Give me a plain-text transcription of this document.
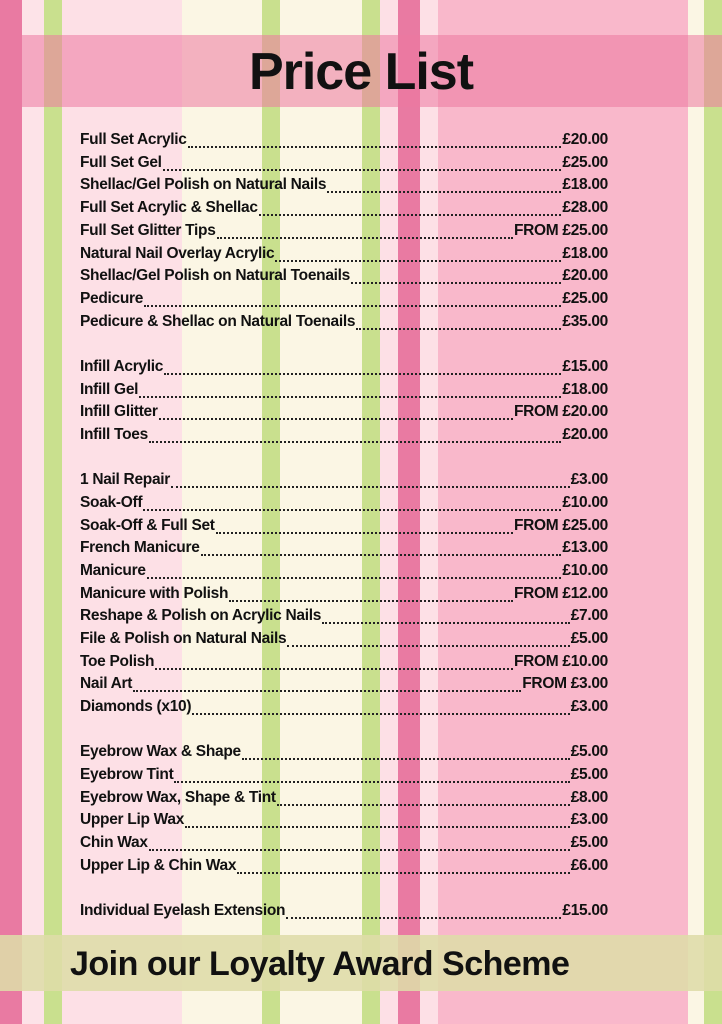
Price List
Full Set Acrylic	£20.00
Full Set Gel	£25.00
Shellac/Gel Polish on Natural Nails	£18.00
Full Set Acrylic & Shellac	£28.00
Full Set Glitter Tips	FROM £25.00
Natural Nail Overlay Acrylic	£18.00
Shellac/Gel Polish on Natural Toenails	£20.00
Pedicure	£25.00
Pedicure & Shellac on Natural Toenails	£35.00
Infill Acrylic	£15.00
Infill Gel	£18.00
Infill Glitter	FROM £20.00
Infill Toes	£20.00
1 Nail Repair	£3.00
Soak-Off	£10.00
Soak-Off & Full Set	FROM £25.00
French Manicure	£13.00
Manicure	£10.00
Manicure with Polish	FROM £12.00
Reshape & Polish on Acrylic Nails	£7.00
File & Polish on Natural Nails	£5.00
Toe Polish	FROM £10.00
Nail Art	FROM £3.00
Diamonds (x10)	£3.00
Eyebrow Wax & Shape	£5.00
Eyebrow Tint	£5.00
Eyebrow Wax, Shape & Tint	£8.00
Upper Lip Wax	£3.00
Chin Wax	£5.00
Upper Lip & Chin Wax	£6.00
Individual Eyelash Extension	£15.00
Join our Loyalty Award Scheme
